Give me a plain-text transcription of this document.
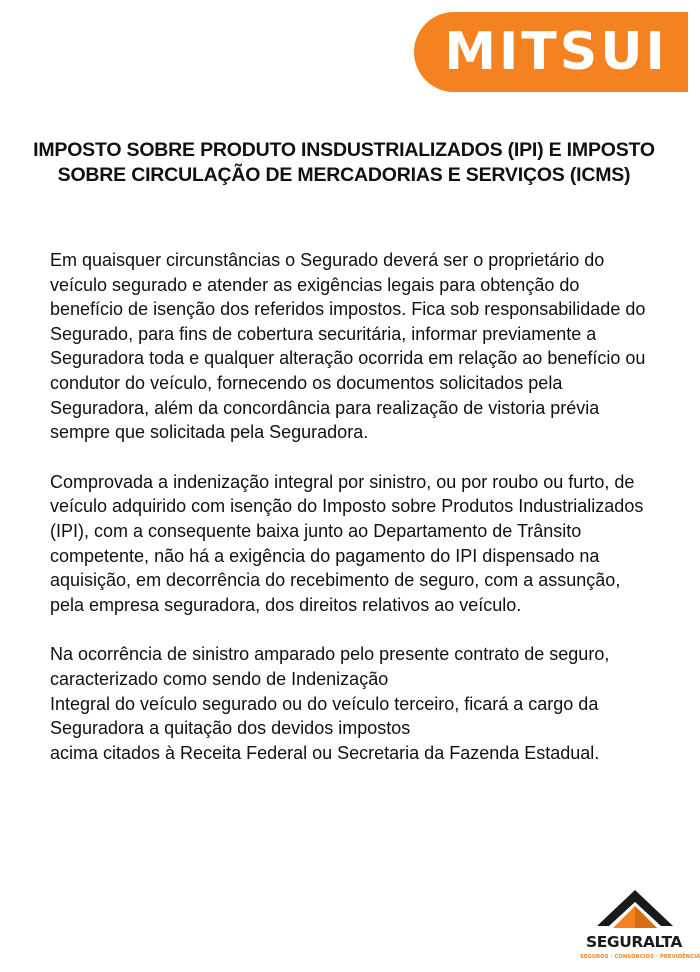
MITSUI
IMPOSTO SOBRE PRODUTO INSDUSTRIALIZADOS (IPI) E IMPOSTO SOBRE CIRCULAÇÃO DE MERCADORIAS E SERVIÇOS (ICMS)

Em quaisquer circunstâncias o Segurado deverá ser o proprietário do veículo segurado e atender as exigências legais para obtenção do benefício de isenção dos referidos impostos. Fica sob responsabilidade do Segurado, para fins de cobertura securitária, informar previamente a Seguradora toda e qualquer alteração ocorrida em relação ao benefício ou condutor do veículo, fornecendo os documentos solicitados pela Seguradora, além da concordância para realização de vistoria prévia sempre que solicitada pela Seguradora.

Comprovada a indenização integral por sinistro, ou por roubo ou furto, de veículo adquirido com isenção do Imposto sobre Produtos Industrializados (IPI), com a consequente baixa junto ao Departamento de Trânsito competente, não há a exigência do pagamento do IPI dispensado na aquisição, em decorrência do recebimento de seguro, com a assunção, pela empresa seguradora, dos direitos relativos ao veículo.

Na ocorrência de sinistro amparado pelo presente contrato de seguro, caracterizado como sendo de Indenização
Integral do veículo segurado ou do veículo terceiro, ficará a cargo da Seguradora a quitação dos devidos impostos
acima citados à Receita Federal ou Secretaria da Fazenda Estadual.

SEGURALTA
SEGUROS · CONSÓRCIOS · PREVIDÊNCIA
